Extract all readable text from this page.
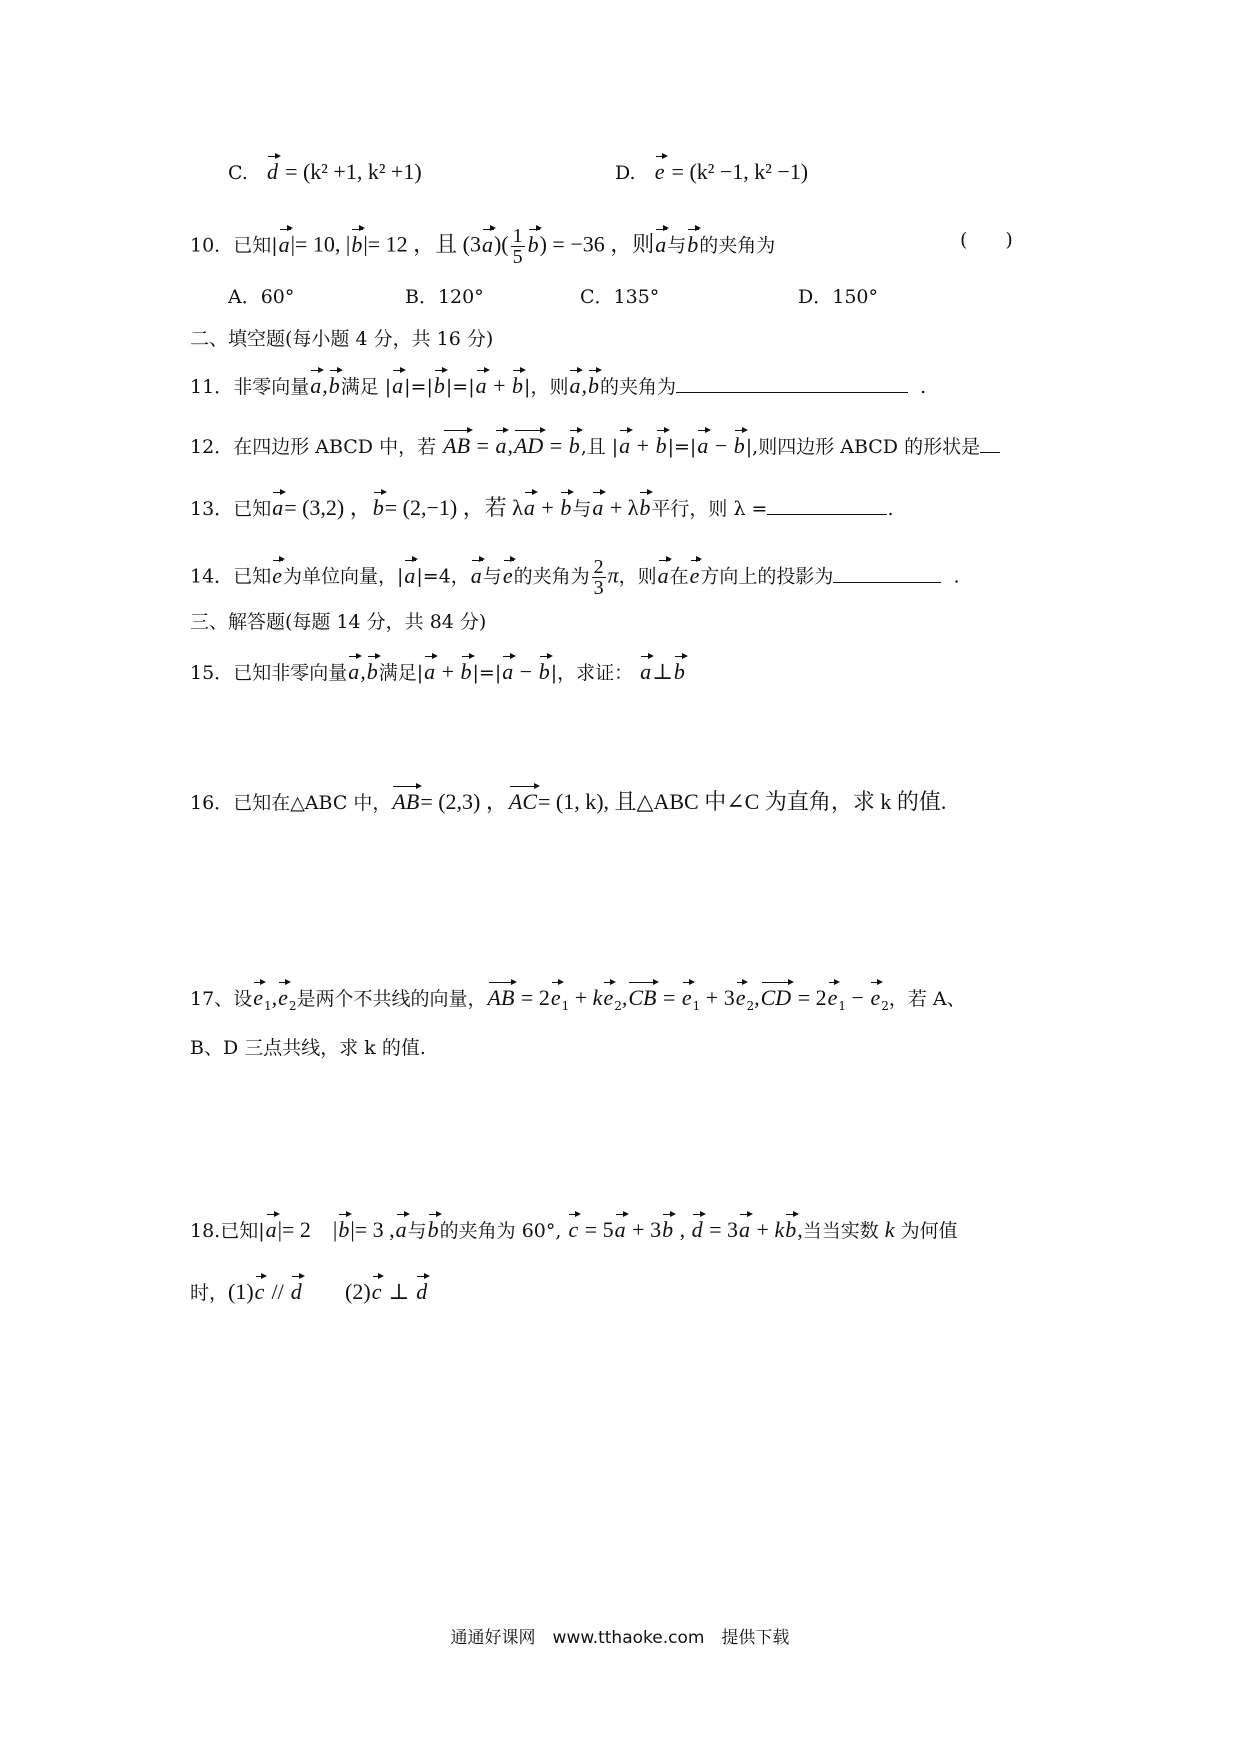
C. d = (k² +1, k² +1)	D. e = (k² −1, k² −1)
10．已知|a|= 10, |b|= 12 ，且 $(3a)( \frac{1}{5} b) = -36$ ，则a与b的夹角为	(　　)
A．60°	B．120°	C．135°	D．150°
二、填空题(每小题 4 分，共 16 分)
11．非零向量a,b满足 |a|=|b|=|a + b|，则a,b的夹角为	.
12．在四边形 ABCD 中，若 AB = a,AD = b,且 |a + b|=|a − b|,则四边形 ABCD 的形状是
13．已知a= (3,2) ，b= (2,−1) ，若 λa + b与a + λb平行，则 λ =	.
14．已知e为单位向量，|a|=4，a与e的夹角为 $\frac{2}{3}$ π，则a在e方向上的投影为	.
三、解答题(每题 14 分，共 84 分)
15．已知非零向量a,b满足|a + b|=|a − b|，求证： a⊥b
16．已知在△ABC 中，AB= (2,3) ，AC= (1, k), 且△ABC 中∠C 为直角，求 k 的值.
17、设$e_1,e_2$是两个不共线的向量，AB = $2e_1 + ke_2,CB = e_1 + 3e_2,CD = 2e_1 - e_2$，若 A、
B、D 三点共线，求 k 的值.
18.已知|a|= 2　|b|= 3 ,a与b的夹角为 60°, c = 5a + 3b , d = 3a + kb,当当实数 k 为何值
时，(1)c // d (2)c ⊥ d
通通好课网　www.tthaoke.com　提供下载
